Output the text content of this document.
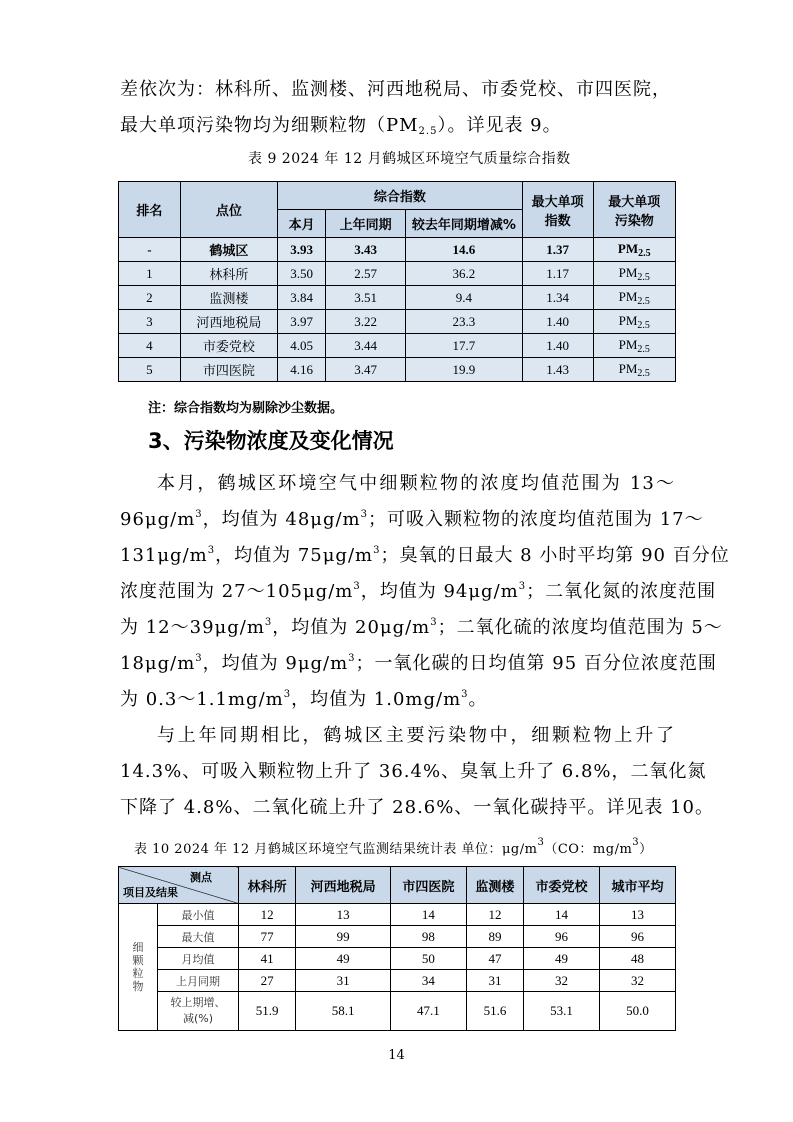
差依次为：林科所、监测楼、河西地税局、市委党校、市四医院，
最大单项污染物均为细颗粒物$(PM_{2.5})$。详见表 9。
表 9 2024 年 12 月鹤城区环境空气质量综合指数
排名	点位	综合指数			最大单项指数	最大单项污染物
		本月	上年同期	较去年同期增减%		
-	鹤城区	3.93	3.43	14.6	1.37	$PM_{2.5}$
1	林科所	3.50	2.57	36.2	1.17	$PM_{2.5}$
2	监测楼	3.84	3.51	9.4	1.34	$PM_{2.5}$
3	河西地税局	3.97	3.22	23.3	1.40	$PM_{2.5}$
4	市委党校	4.05	3.44	17.7	1.40	$PM_{2.5}$
5	市四医院	4.16	3.47	19.9	1.43	$PM_{2.5}$
注：综合指数均为剔除沙尘数据。
3、污染物浓度及变化情况
本月，鹤城区环境空气中细颗粒物的浓度均值范围为 13～
$96\mu g/m^3$，均值为 $48\mu g/m^3$；可吸入颗粒物的浓度均值范围为 17～
$131\mu g/m^3$，均值为 $75\mu g/m^3$；臭氧的日最大 8 小时平均第 90 百分位
浓度范围为 $27\sim 105\mu g/m^3$，均值为 $94\mu g/m^3$；二氧化氮的浓度范围
为 $12\sim 39\mu g/m^3$，均值为 $20\mu g/m^3$；二氧化硫的浓度均值范围为 5～
$18\mu g/m^3$，均值为 $9\mu g/m^3$；一氧化碳的日均值第 95 百分位浓度范围
为 $0.3\sim 1.1mg/m^3$，均值为 $1.0mg/m^3$。
与上年同期相比，鹤城区主要污染物中，细颗粒物上升了
14.3%、可吸入颗粒物上升了 36.4%、臭氧上升了 6.8%，二氧化氮
下降了 4.8%、二氧化硫上升了 28.6%、一氧化碳持平。详见表 10。
表 10 2024 年 12 月鹤城区环境空气监测结果统计表 单位：$\mu g/m^3(CO$：$mg/m^3$）
测点
项目及结果		林科所	河西地税局	市四医院	监测楼	市委党校	城市平均
细颗粒物	最小值	12	13	14	12	14	13
	最大值	77	99	98	89	96	96
	月均值	41	49	50	47	49	48
	上月同期	27	31	34	31	32	32
	较上期增、减(%)	51.9	58.1	47.1	51.6	53.1	50.0
14
